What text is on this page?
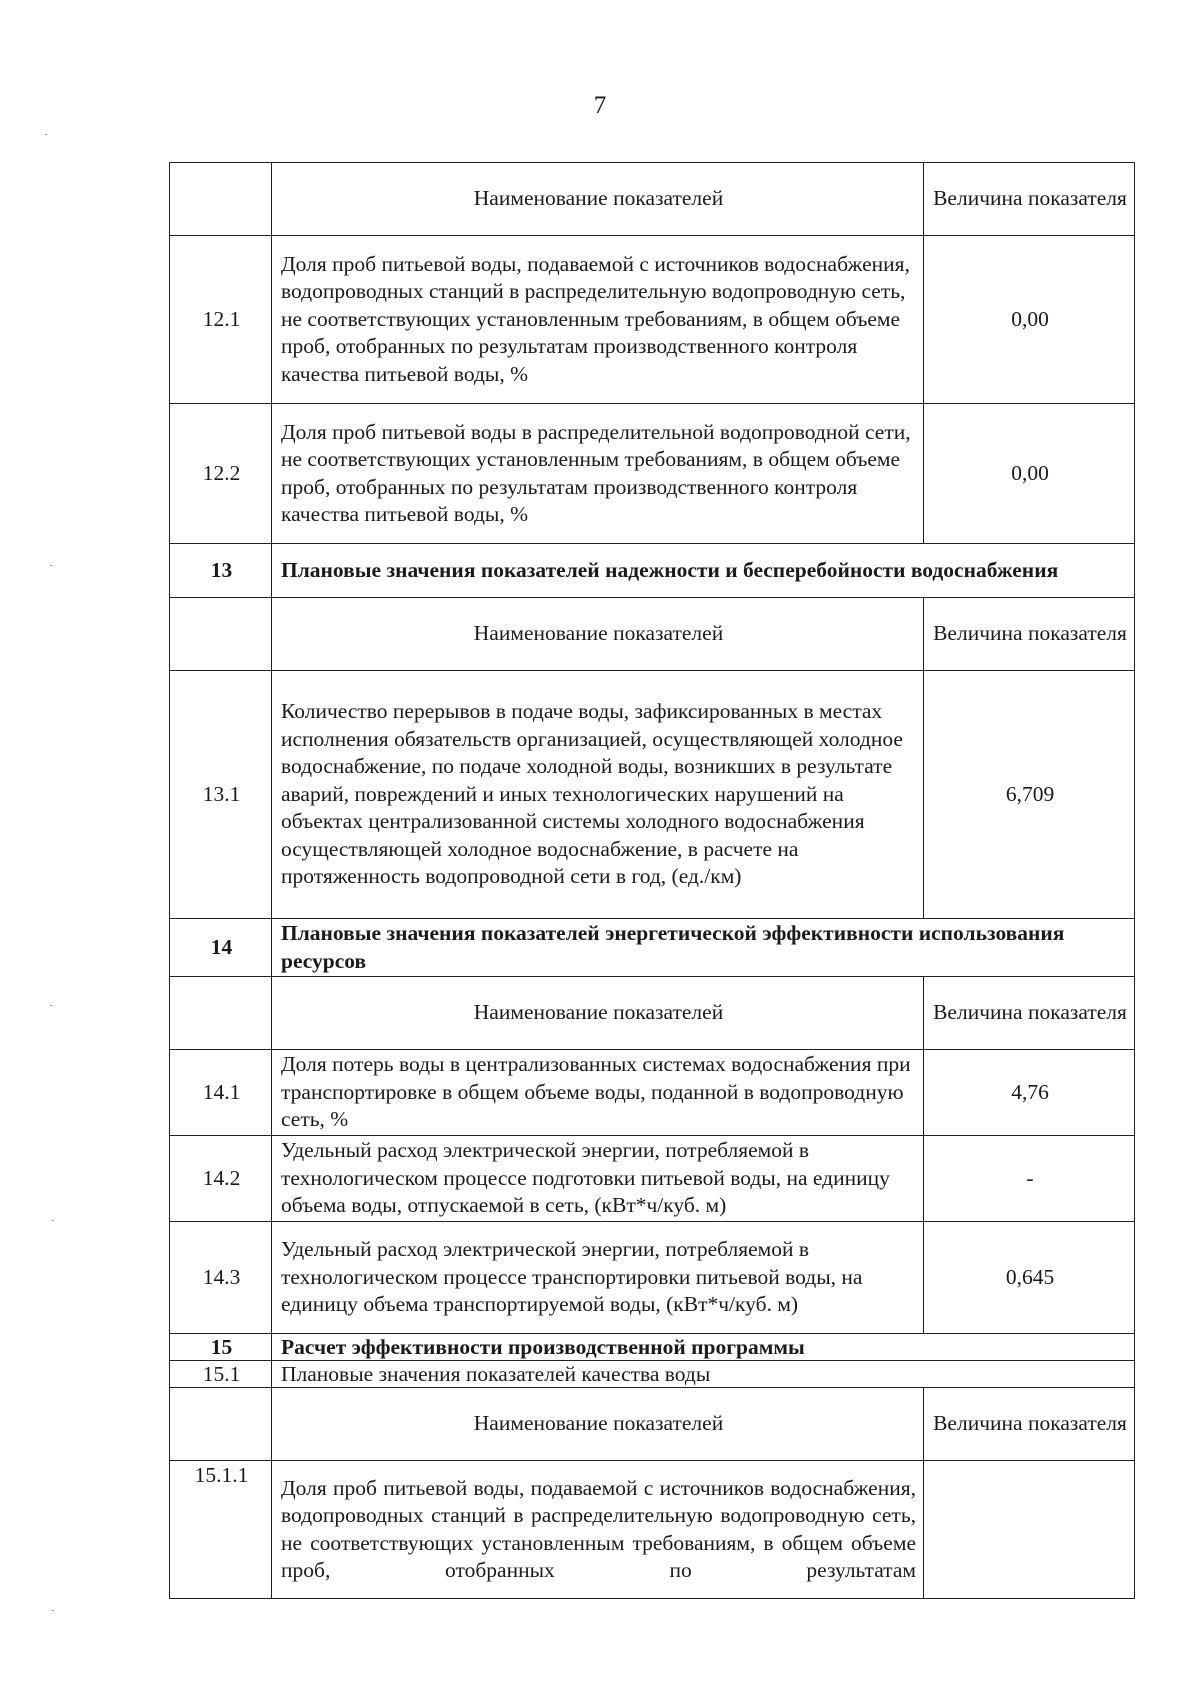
7
	Наименование показателей	Величина показателя
12.1	Доля проб питьевой воды, подаваемой с источников водоснабжения, водопроводных станций в распределительную водопроводную сеть, не соответствующих установленным требованиям, в общем объеме проб, отобранных по результатам производственного контроля качества питьевой воды, %	0,00
12.2	Доля проб питьевой воды в распределительной водопроводной сети, не соответствующих установленным требованиям, в общем объеме проб, отобранных по результатам производственного контроля качества питьевой воды, %	0,00
13	Плановые значения показателей надежности и бесперебойности водоснабжения	
	Наименование показателей	Величина показателя
13.1	Количество перерывов в подаче воды, зафиксированных в местах исполнения обязательств организацией, осуществляющей холодное водоснабжение, по подаче холодной воды, возникших в результате аварий, повреждений и иных технологических нарушений на объектах централизованной системы холодного водоснабжения осуществляющей холодное водоснабжение, в расчете на протяженность водопроводной сети в год, (ед./км)	6,709
14	Плановые значения показателей энергетической эффективности использования ресурсов	
	Наименование показателей	Величина показателя
14.1	Доля потерь воды в централизованных системах водоснабжения при транспортировке в общем объеме воды, поданной в водопроводную сеть, %	4,76
14.2	Удельный расход электрической энергии, потребляемой в технологическом процессе подготовки питьевой воды, на единицу объема воды, отпускаемой в сеть, (кВт*ч/куб. м)	-
14.3	Удельный расход электрической энергии, потребляемой в технологическом процессе транспортировки питьевой воды, на единицу объема транспортируемой воды, (кВт*ч/куб. м)	0,645
15	Расчет эффективности производственной программы	
15.1	Плановые значения показателей качества воды	
	Наименование показателей	Величина показателя
15.1.1	Доля проб питьевой воды, подаваемой с источников водоснабжения, водопроводных станций в распределительную водопроводную сеть, не соответствующих установленным требованиям, в общем объеме проб, отобранных по результатам	
